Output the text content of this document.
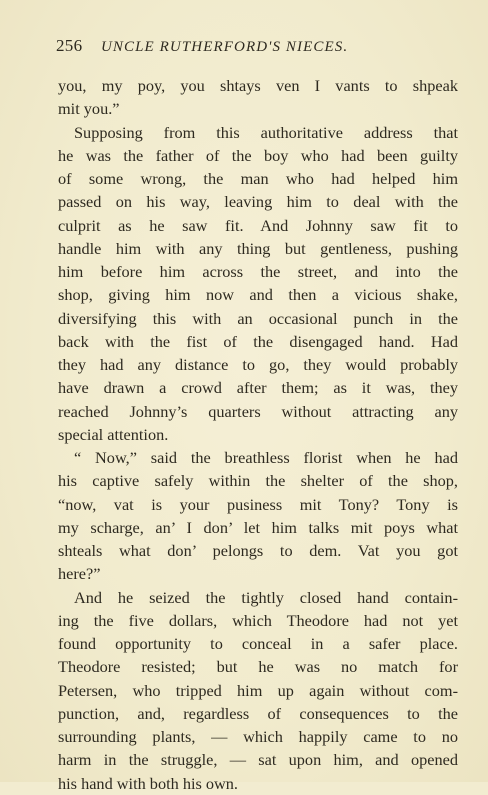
256 UNCLE RUTHERFORD'S NIECES.
you, my poy, you shtays ven I vants to shpeak
mit you.”
Supposing from this authoritative address that
he was the father of the boy who had been guilty
of some wrong, the man who had helped him
passed on his way, leaving him to deal with the
culprit as he saw fit. And Johnny saw fit to
handle him with any thing but gentleness, pushing
him before him across the street, and into the
shop, giving him now and then a vicious shake,
diversifying this with an occasional punch in the
back with the fist of the disengaged hand. Had
they had any distance to go, they would probably
have drawn a crowd after them; as it was, they
reached Johnny’s quarters without attracting any
special attention.
“ Now,” said the breathless florist when he had
his captive safely within the shelter of the shop,
“now, vat is your pusiness mit Tony? Tony is
my scharge, an’ I don’ let him talks mit poys what
shteals what don’ pelongs to dem. Vat you got
here?”
And he seized the tightly closed hand contain-
ing the five dollars, which Theodore had not yet
found opportunity to conceal in a safer place.
Theodore resisted; but he was no match for
Petersen, who tripped him up again without com-
punction, and, regardless of consequences to the
surrounding plants, — which happily came to no
harm in the struggle, — sat upon him, and opened
his hand with both his own.
